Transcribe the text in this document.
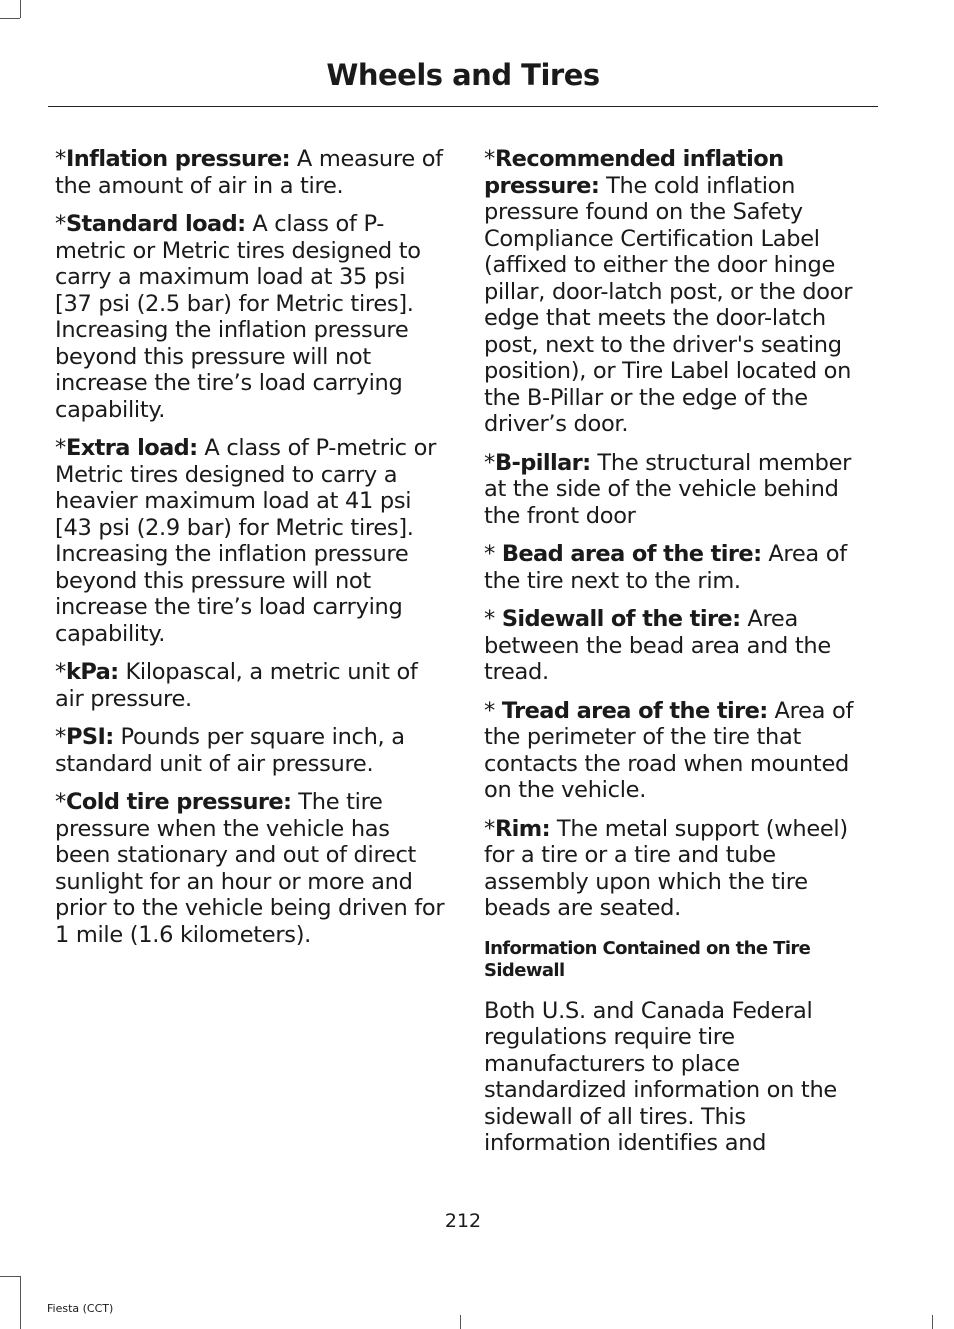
Wheels and Tires

*Inflation pressure: A measure of the amount of air in a tire.

*Standard load: A class of P-metric or Metric tires designed to carry a maximum load at 35 psi [37 psi (2.5 bar) for Metric tires]. Increasing the inflation pressure beyond this pressure will not increase the tire’s load carrying capability.

*Extra load: A class of P-metric or Metric tires designed to carry a heavier maximum load at 41 psi [43 psi (2.9 bar) for Metric tires]. Increasing the inflation pressure beyond this pressure will not increase the tire’s load carrying capability.

*kPa: Kilopascal, a metric unit of air pressure.

*PSI: Pounds per square inch, a standard unit of air pressure.

*Cold tire pressure: The tire pressure when the vehicle has been stationary and out of direct sunlight for an hour or more and prior to the vehicle being driven for 1 mile (1.6 kilometers).

*Recommended inflation pressure: The cold inflation pressure found on the Safety Compliance Certification Label (affixed to either the door hinge pillar, door-latch post, or the door edge that meets the door-latch post, next to the driver's seating position), or Tire Label located on the B-Pillar or the edge of the driver’s door.

*B-pillar: The structural member at the side of the vehicle behind the front door

* Bead area of the tire: Area of the tire next to the rim.

* Sidewall of the tire: Area between the bead area and the tread.

* Tread area of the tire: Area of the perimeter of the tire that contacts the road when mounted on the vehicle.

*Rim: The metal support (wheel) for a tire or a tire and tube assembly upon which the tire beads are seated.

Information Contained on the Tire Sidewall

Both U.S. and Canada Federal regulations require tire manufacturers to place standardized information on the sidewall of all tires. This information identifies and

212
Fiesta (CCT)
